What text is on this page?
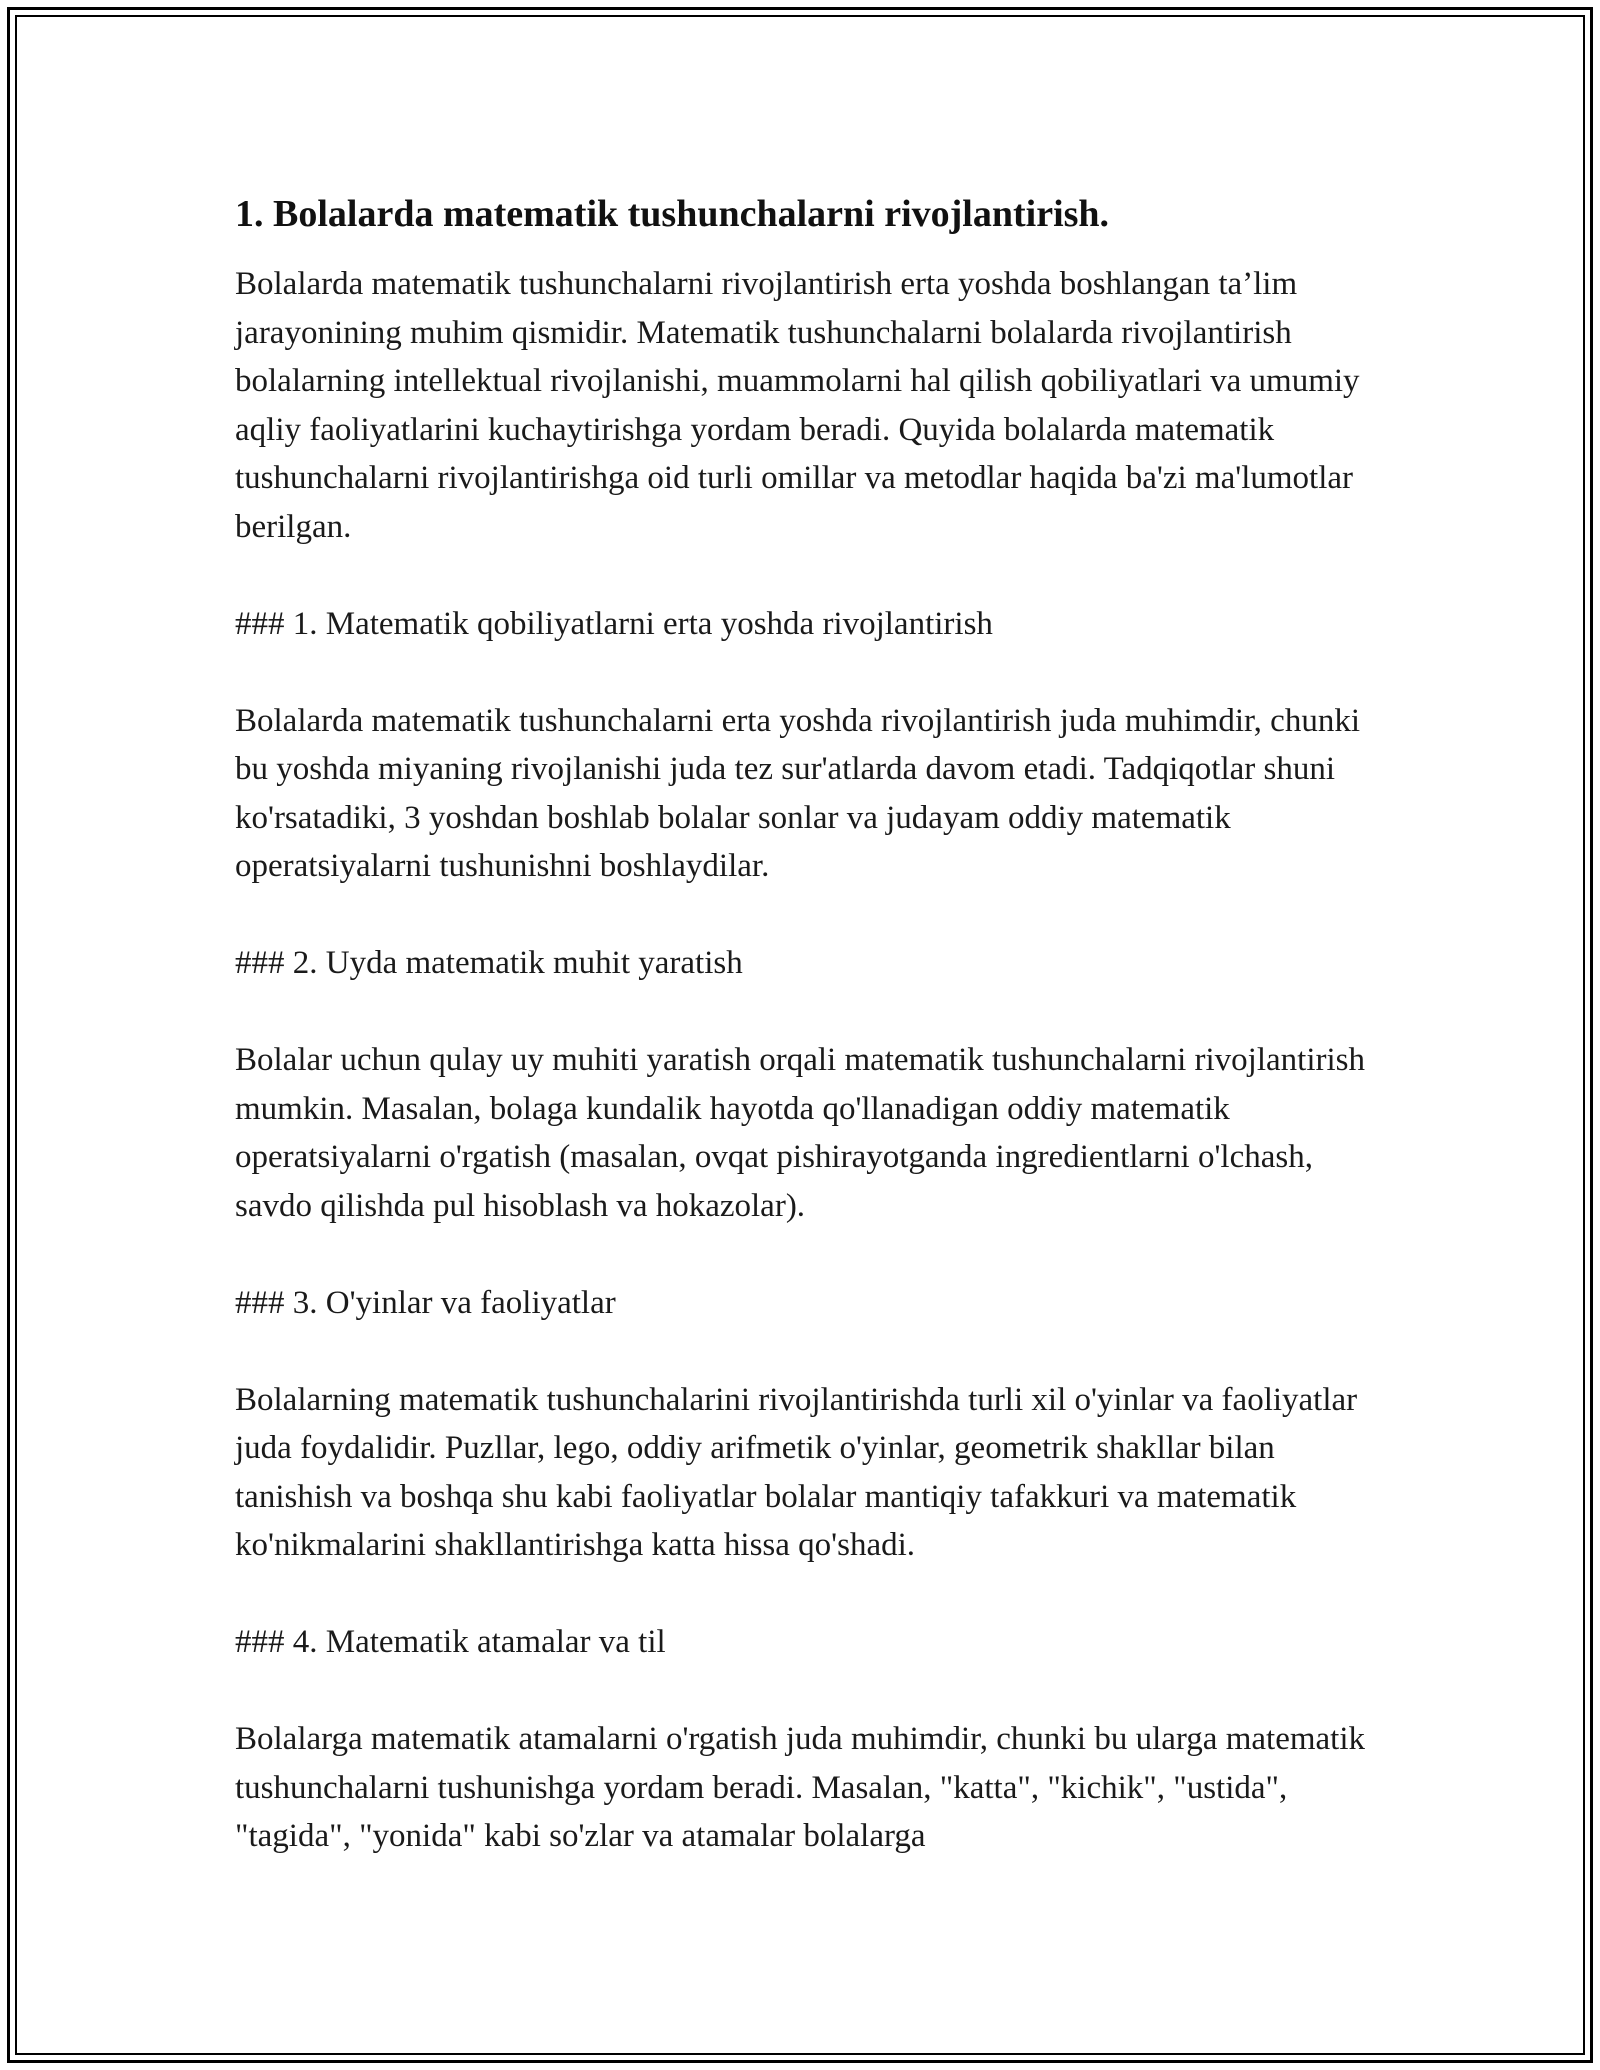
1. Bolalarda matematik tushunchalarni rivojlantirish.

Bolalarda matematik tushunchalarni rivojlantirish erta yoshda boshlangan ta’lim jarayonining muhim qismidir. Matematik tushunchalarni bolalarda rivojlantirish bolalarning intellektual rivojlanishi, muammolarni hal qilish qobiliyatlari va umumiy aqliy faoliyatlarini kuchaytirishga yordam beradi. Quyida bolalarda matematik tushunchalarni rivojlantirishga oid turli omillar va metodlar haqida ba'zi ma'lumotlar berilgan.

### 1. Matematik qobiliyatlarni erta yoshda rivojlantirish

Bolalarda matematik tushunchalarni erta yoshda rivojlantirish juda muhimdir, chunki bu yoshda miyaning rivojlanishi juda tez sur'atlarda davom etadi. Tadqiqotlar shuni ko'rsatadiki, 3 yoshdan boshlab bolalar sonlar va judayam oddiy matematik operatsiyalarni tushunishni boshlaydilar.

### 2. Uyda matematik muhit yaratish

Bolalar uchun qulay uy muhiti yaratish orqali matematik tushunchalarni rivojlantirish mumkin. Masalan, bolaga kundalik hayotda qo'llanadigan oddiy matematik operatsiyalarni o'rgatish (masalan, ovqat pishirayotganda ingredientlarni o'lchash, savdo qilishda pul hisoblash va hokazolar).

### 3. O'yinlar va faoliyatlar

Bolalarning matematik tushunchalarini rivojlantirishda turli xil o'yinlar va faoliyatlar juda foydalidir. Puzllar, lego, oddiy arifmetik o'yinlar, geometrik shakllar bilan tanishish va boshqa shu kabi faoliyatlar bolalar mantiqiy tafakkuri va matematik ko'nikmalarini shakllantirishga katta hissa qo'shadi.

### 4. Matematik atamalar va til

Bolalarga matematik atamalarni o'rgatish juda muhimdir, chunki bu ularga matematik tushunchalarni tushunishga yordam beradi. Masalan, "katta", "kichik", "ustida", "tagida", "yonida" kabi so'zlar va atamalar bolalarga
